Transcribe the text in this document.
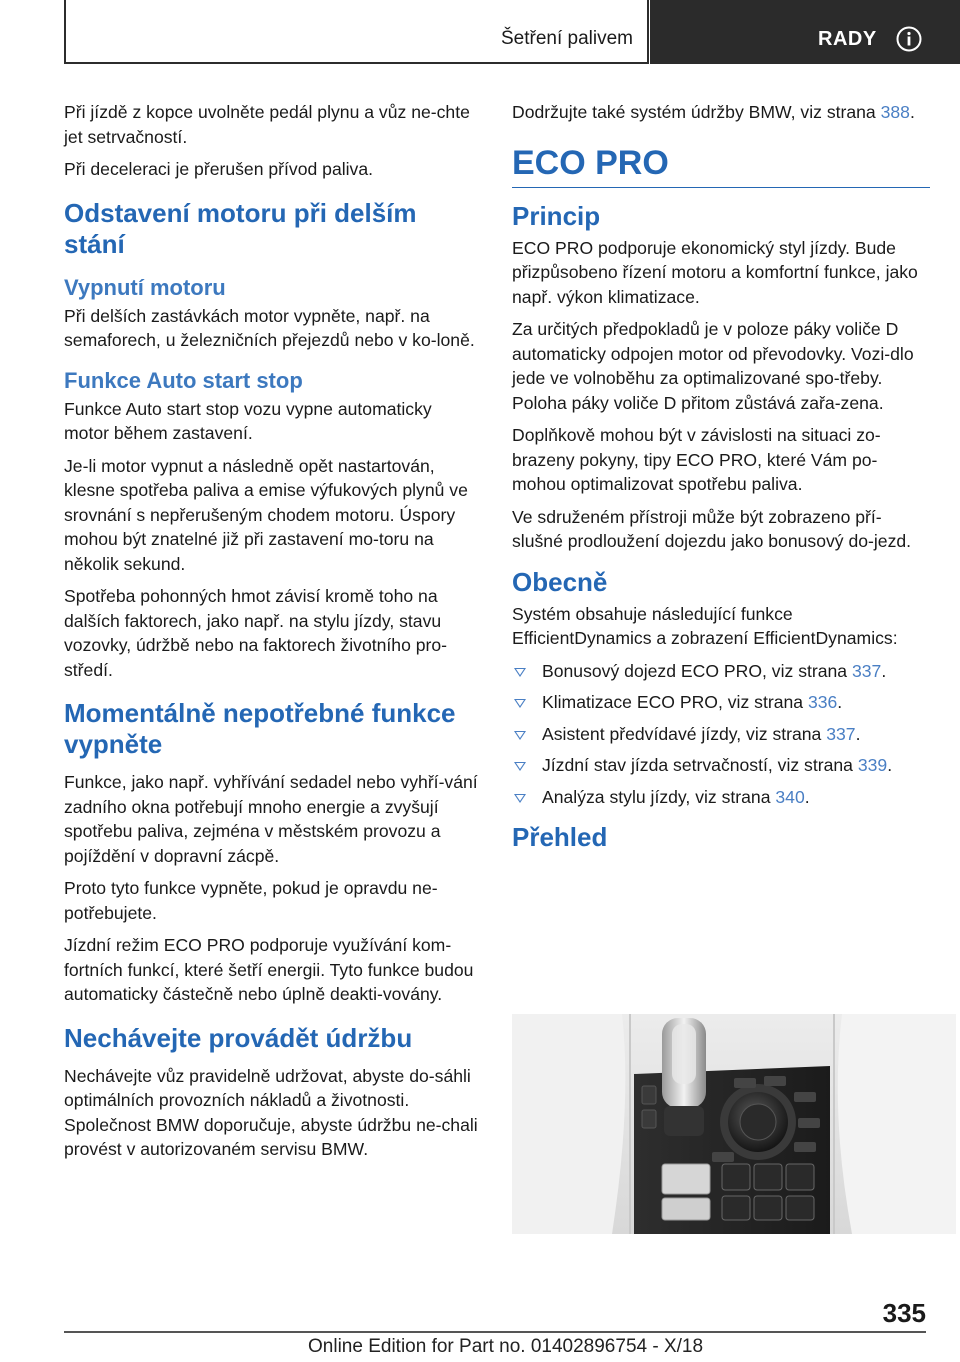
Šetření palivem	RADY

Při jízdě z kopce uvolněte pedál plynu a vůz ne‐chte jet setrvačností.

Při deceleraci je přerušen přívod paliva.

Odstavení motoru při delším stání
Vypnutí motoru

Při delších zastávkách motor vypněte, např. na semaforech, u železničních přejezdů nebo v ko‐loně.

Funkce Auto start stop

Funkce Auto start stop vozu vypne automaticky motor během zastavení.

Je-li motor vypnut a následně opět nastartován, klesne spotřeba paliva a emise výfukových plynů ve srovnání s nepřerušeným chodem motoru. Úspory mohou být znatelné již při zastavení mo‐toru na několik sekund.

Spotřeba pohonných hmot závisí kromě toho na dalších faktorech, jako např. na stylu jízdy, stavu vozovky, údržbě nebo na faktorech životního pro‐středí.

Momentálně nepotřebné funkce vypněte

Funkce, jako např. vyhřívání sedadel nebo vyhří‐vání zadního okna potřebují mnoho energie a zvyšují spotřebu paliva, zejména v městském provozu a pojíždění v dopravní zácpě.

Proto tyto funkce vypněte, pokud je opravdu ne‐potřebujete.

Jízdní režim ECO PRO podporuje využívání kom‐fortních funkcí, které šetří energii. Tyto funkce budou automaticky částečně nebo úplně deakti‐vovány.

Nechávejte provádět údržbu

Nechávejte vůz pravidelně udržovat, abyste do‐sáhli optimálních provozních nákladů a životnosti. Společnost BMW doporučuje, abyste údržbu ne‐chali provést v autorizovaném servisu BMW.

Dodržujte také systém údržby BMW, viz strana 388.

ECO PRO
Princip

ECO PRO podporuje ekonomický styl jízdy. Bude přizpůsobeno řízení motoru a komfortní funkce, jako např. výkon klimatizace.

Za určitých předpokladů je v poloze páky voliče D automaticky odpojen motor od převodovky. Vozi‐dlo jede ve volnoběhu za optimalizované spo‐třeby. Poloha páky voliče D přitom zůstává zařa‐zena.

Doplňkově mohou být v závislosti na situaci zo‐brazeny pokyny, tipy ECO PRO, které Vám po‐mohou optimalizovat spotřebu paliva.

Ve sdruženém přístroji může být zobrazeno pří‐slušné prodloužení dojezdu jako bonusový do‐jezd.

Obecně

Systém obsahuje následující funkce EfficientDynamics a zobrazení EfficientDynamics:

Bonusový dojezd ECO PRO, viz strana 337.
Klimatizace ECO PRO, viz strana 336.
Asistent předvídavé jízdy, viz strana 337.
Jízdní stav jízda setrvačností, viz strana 339.
Analýza stylu jízdy, viz strana 340.
Přehled
335
Online Edition for Part no. 01402896754 - X/18
